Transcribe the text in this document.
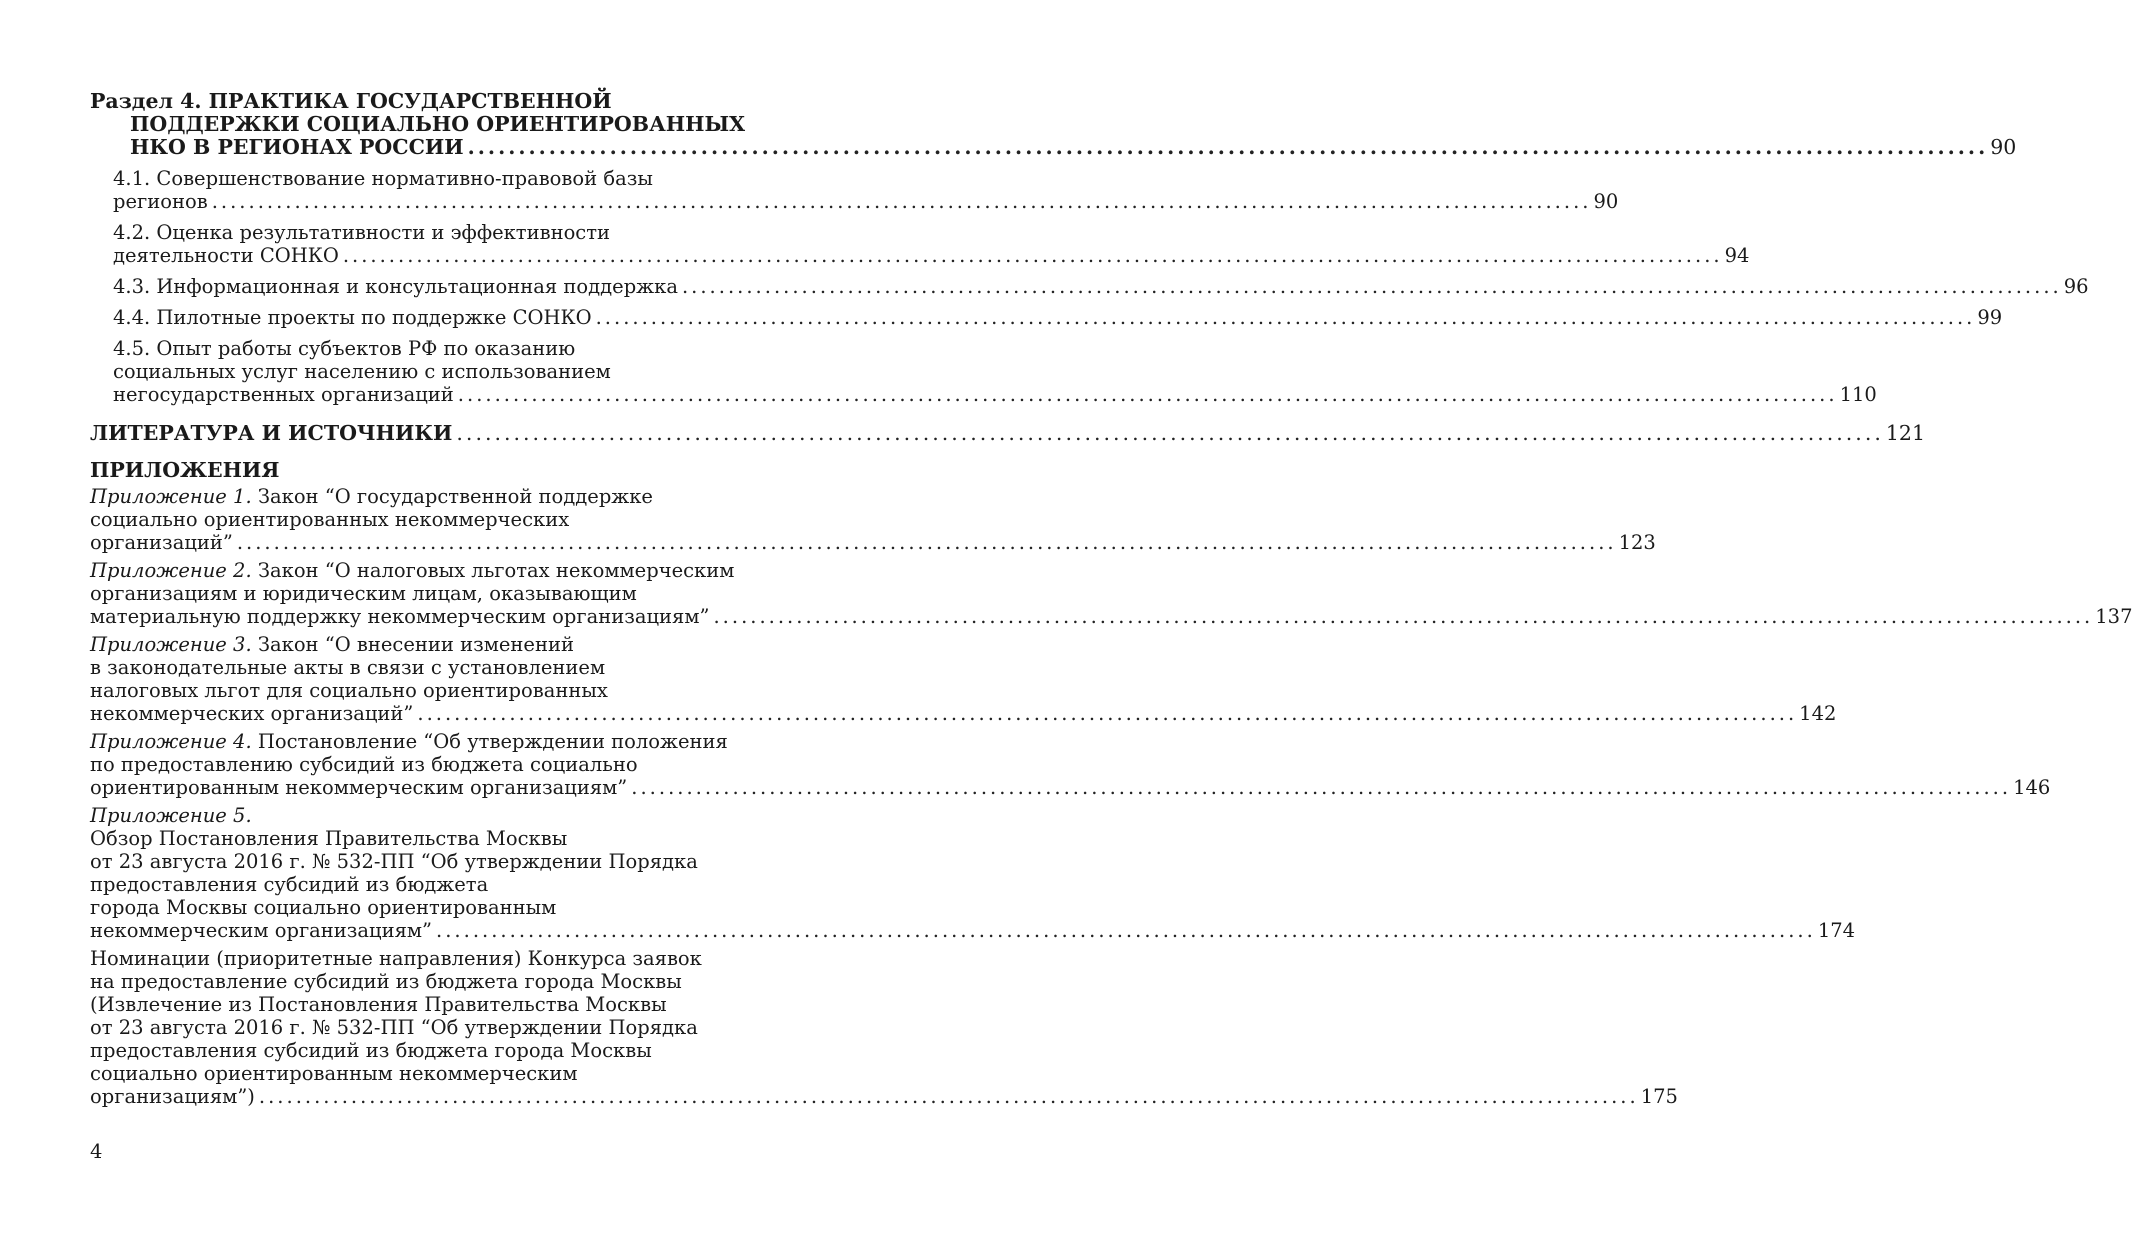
Раздел 4. ПРАКТИКА ГОСУДАРСТВЕННОЙ
ПОДДЕРЖКИ СОЦИАЛЬНО ОРИЕНТИРОВАННЫХ
НКО В РЕГИОНАХ РОССИИ ...................................................................................................................................................... 90
4.1. Совершенствование нормативно-правовой базы
регионов ...................................................................................................................................................... 90
4.2. Оценка результативности и эффективности
деятельности СОНКО ...................................................................................................................................................... 94
4.3. Информационная и консультационная поддержка ...................................................................................................................................................... 96
4.4. Пилотные проекты по поддержке СОНКО ...................................................................................................................................................... 99
4.5. Опыт работы субъектов РФ по оказанию
социальных услуг населению с использованием
негосударственных организаций ...................................................................................................................................................... 110
ЛИТЕРАТУРА И ИСТОЧНИКИ ...................................................................................................................................................... 121
ПРИЛОЖЕНИЯ
Приложение 1. Закон “О государственной поддержке
социально ориентированных некоммерческих
организаций” ...................................................................................................................................................... 123
Приложение 2. Закон “О налоговых льготах некоммерческим
организациям и юридическим лицам, оказывающим
материальную поддержку некоммерческим организациям” ...................................................................................................................................................... 137
Приложение 3. Закон “О внесении изменений
в законодательные акты в связи с установлением
налоговых льгот для социально ориентированных
некоммерческих организаций” ...................................................................................................................................................... 142
Приложение 4. Постановление “Об утверждении положения
по предоставлению субсидий из бюджета социально
ориентированным некоммерческим организациям” ...................................................................................................................................................... 146
Приложение 5.
Обзор Постановления Правительства Москвы
от 23 августа 2016 г. № 532-ПП “Об утверждении Порядка
предоставления субсидий из бюджета
города Москвы социально ориентированным
некоммерческим организациям” ...................................................................................................................................................... 174
Номинации (приоритетные направления) Конкурса заявок
на предоставление субсидий из бюджета города Москвы
(Извлечение из Постановления Правительства Москвы
от 23 августа 2016 г. № 532-ПП “Об утверждении Порядка
предоставления субсидий из бюджета города Москвы
социально ориентированным некоммерческим
организациям”) ...................................................................................................................................................... 175
4
